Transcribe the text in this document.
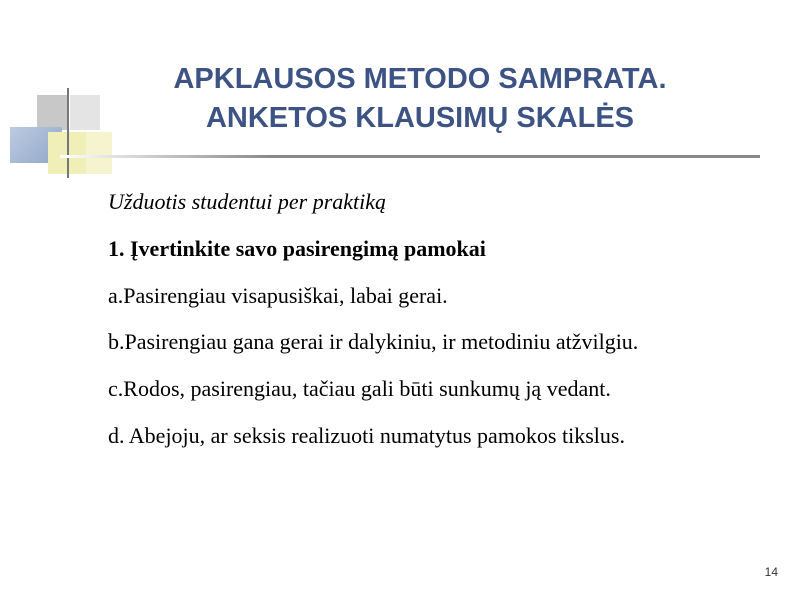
APKLAUSOS METODO SAMPRATA.
ANKETOS KLAUSIMŲ SKALĖS

Užduotis studentui per praktiką

1. Įvertinkite savo pasirengimą pamokai

a.Pasirengiau visapusiškai, labai gerai.

b.Pasirengiau gana gerai ir dalykiniu, ir metodiniu atžvilgiu.

c.Rodos, pasirengiau, tačiau gali būti sunkumų ją vedant.

d. Abejoju, ar seksis realizuoti numatytus pamokos tikslus.

14
